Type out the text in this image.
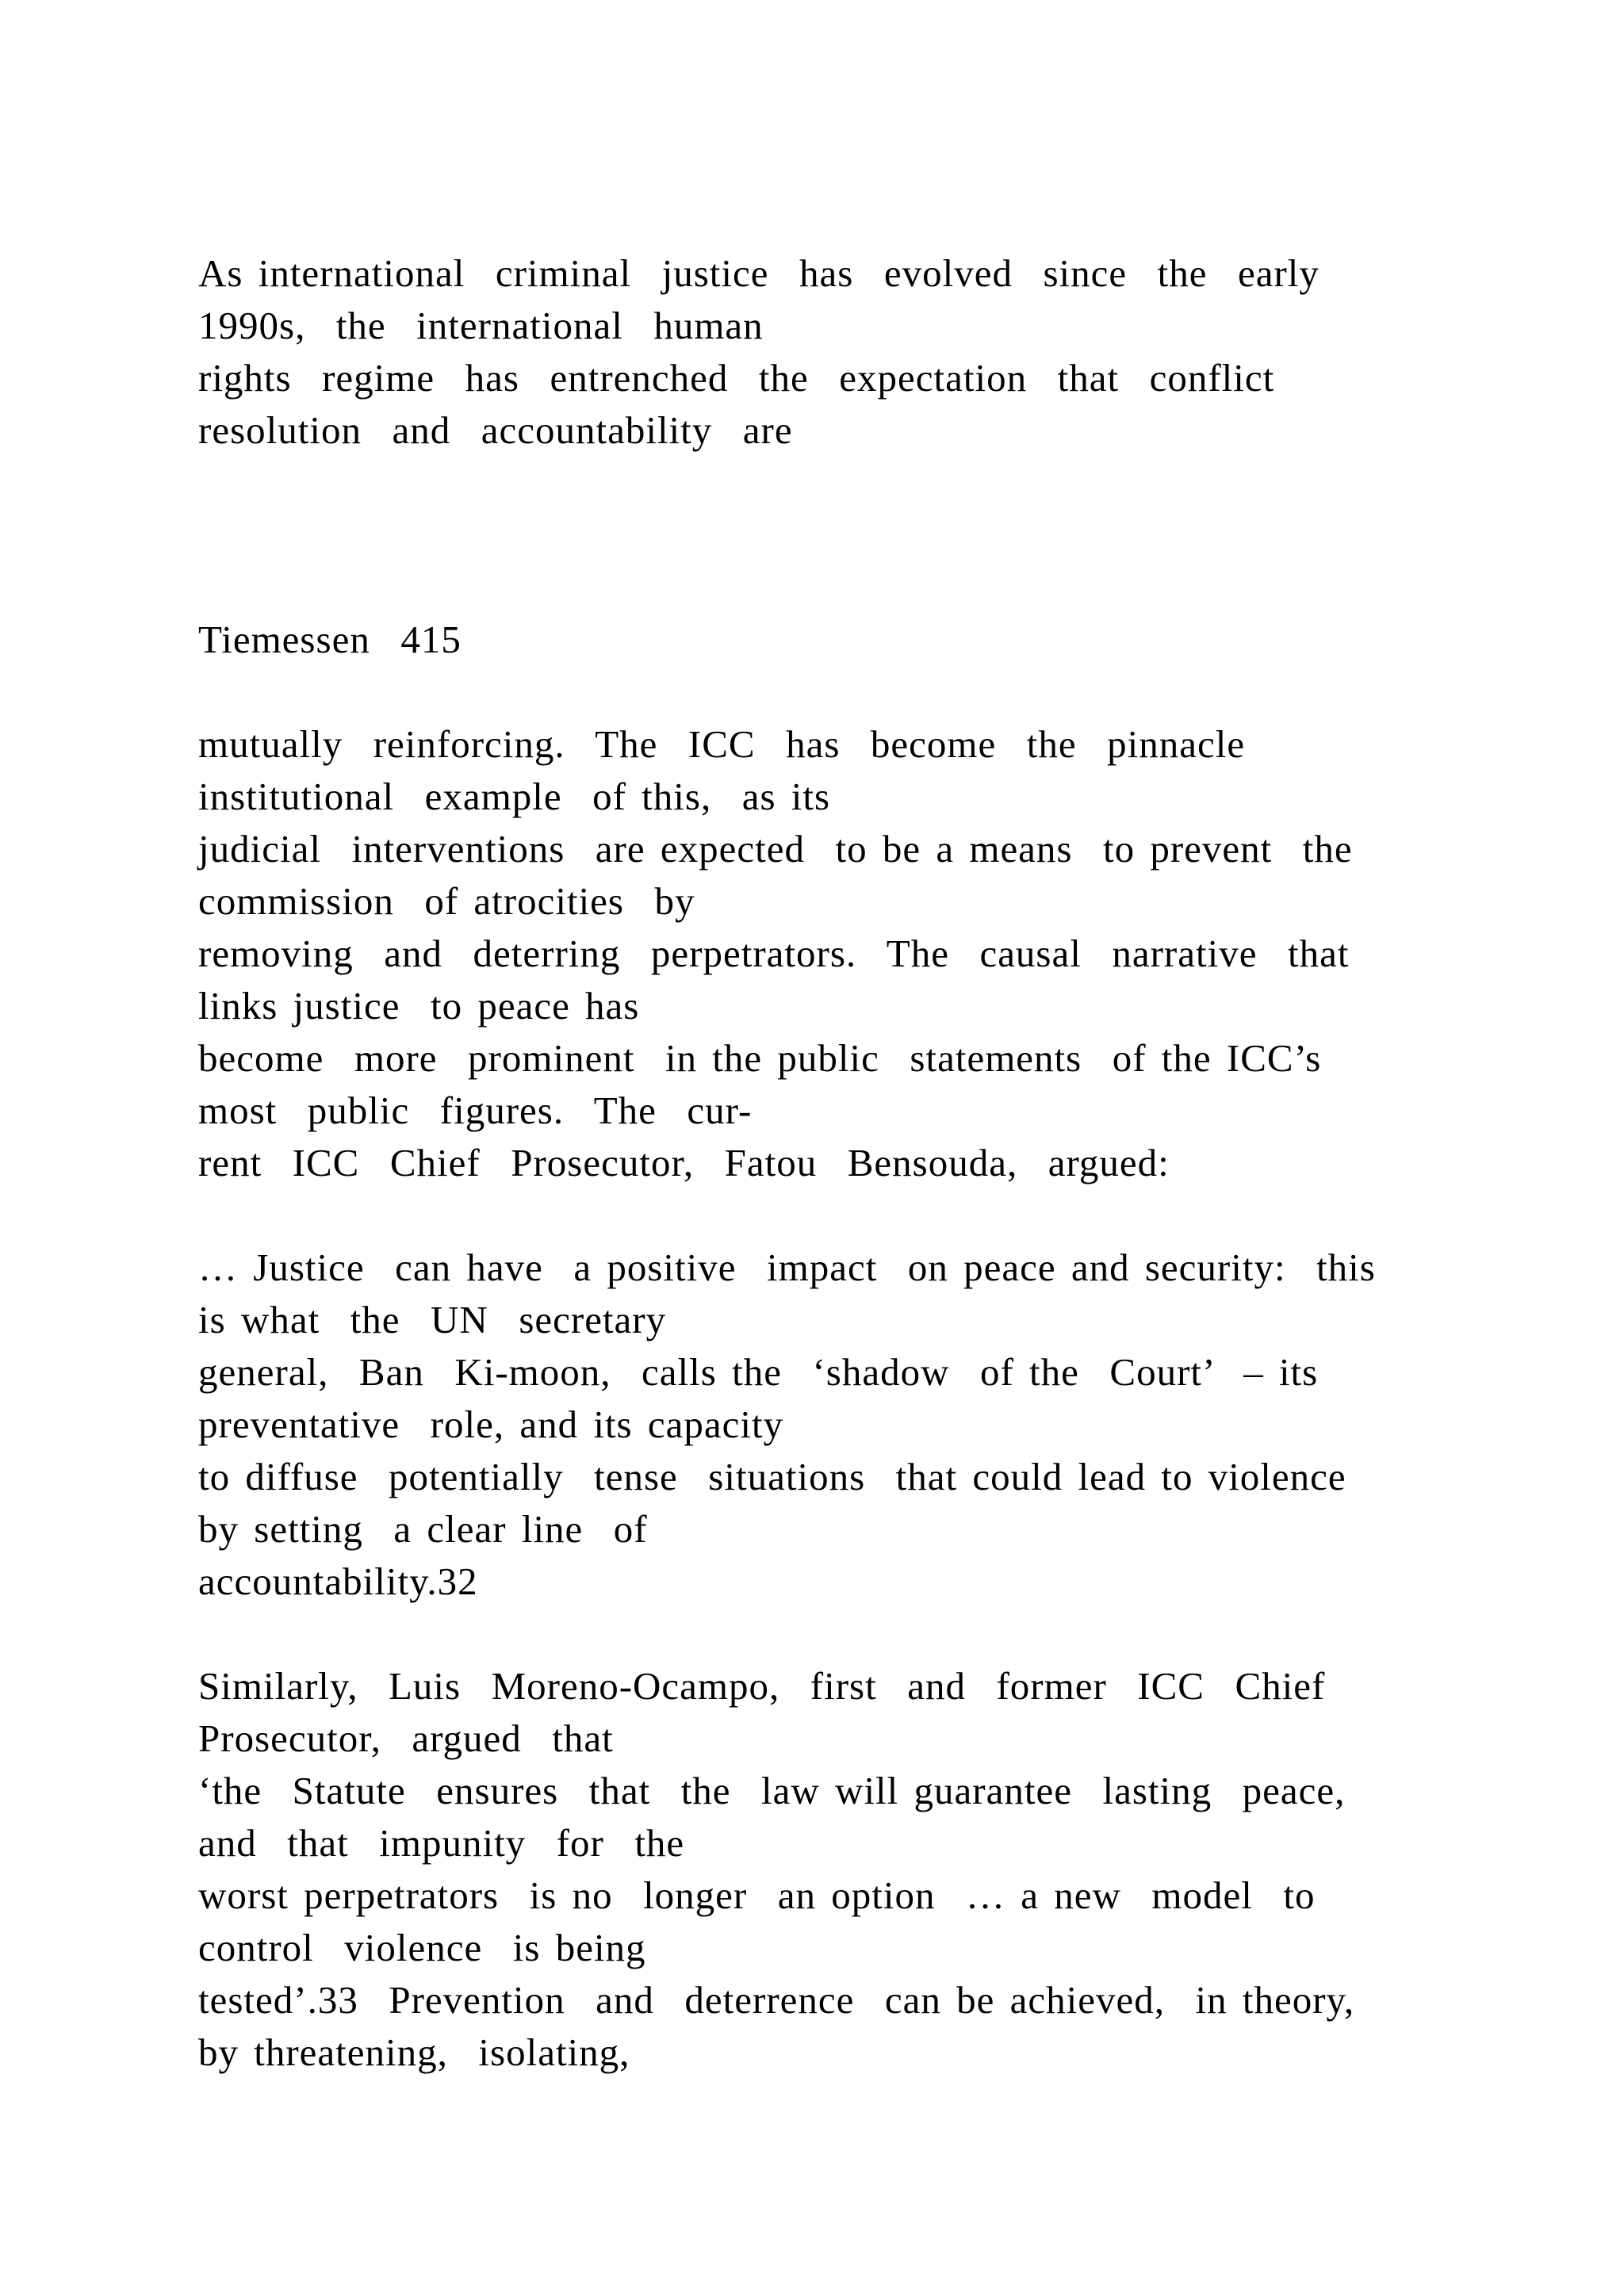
As international  criminal  justice  has  evolved  since  the  early
1990s,  the  international  human
rights  regime  has  entrenched  the  expectation  that  conflict
resolution  and  accountability  are
Tiemessen  415
mutually  reinforcing.  The  ICC  has  become  the  pinnacle
institutional  example  of this,  as its
judicial  interventions  are expected  to be a means  to prevent  the
commission  of atrocities  by
removing  and  deterring  perpetrators.  The  causal  narrative  that
links justice  to peace has
become  more  prominent  in the public  statements  of the ICC’s
most  public  figures.  The  cur-
rent  ICC  Chief  Prosecutor,  Fatou  Bensouda,  argued:
… Justice  can have  a positive  impact  on peace and security:  this
is what  the  UN  secretary
general,  Ban  Ki-moon,  calls the  ‘shadow  of the  Court’  – its
preventative  role, and its capacity
to diffuse  potentially  tense  situations  that could lead to violence
by setting  a clear line  of
accountability.32
Similarly,  Luis  Moreno-Ocampo,  first  and  former  ICC  Chief
Prosecutor,  argued  that
‘the  Statute  ensures  that  the  law will guarantee  lasting  peace,
and  that  impunity  for  the
worst perpetrators  is no  longer  an option  … a new  model  to
control  violence  is being
tested’.33  Prevention  and  deterrence  can be achieved,  in theory,
by threatening,  isolating,
